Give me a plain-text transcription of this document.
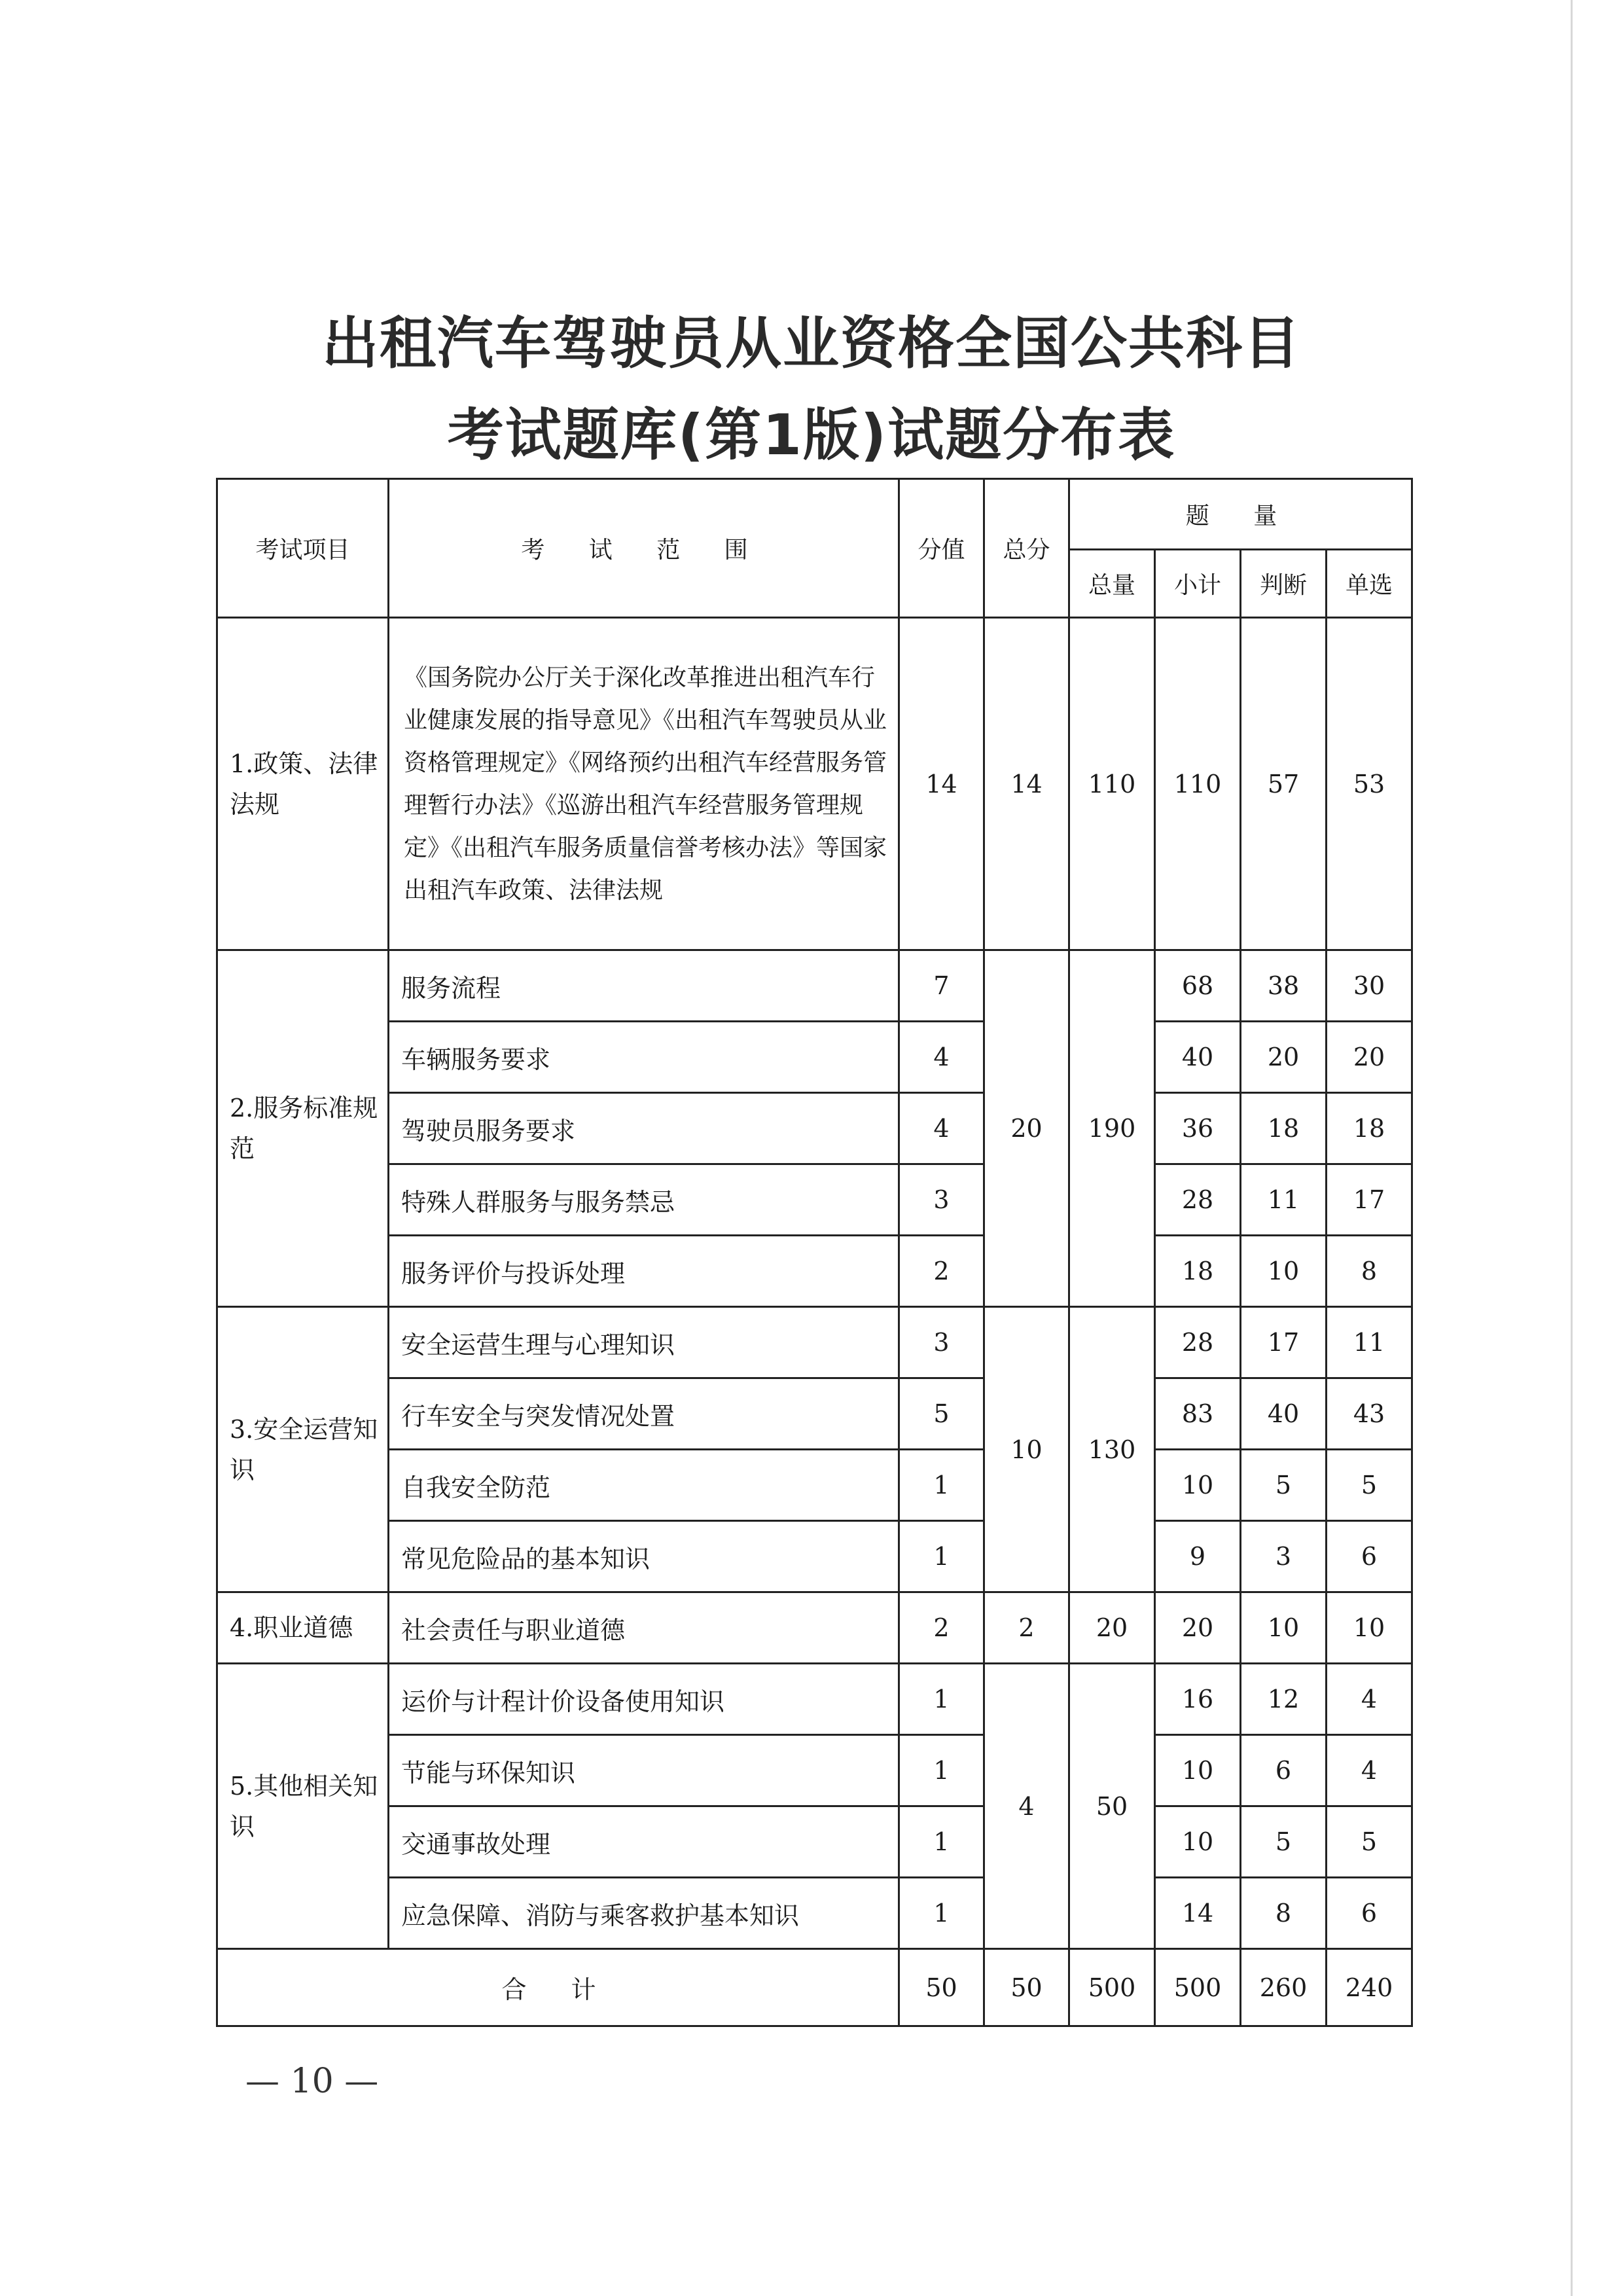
出租汽车驾驶员从业资格全国公共科目
考试题库(第1版)试题分布表
考试项目	考 试 范 围	分值	总分	题 量			
				总量	小计	判断	单选
1.政策、法律法规	《国务院办公厅关于深化改革推进出租汽车行业健康发展的指导意见》《出租汽车驾驶员从业资格管理规定》《网络预约出租汽车经营服务管理暂行办法》《巡游出租汽车经营服务管理规定》《出租汽车服务质量信誉考核办法》等国家出租汽车政策、法律法规	14	14	110	110	57	53
2.服务标准规范	服务流程	7	20	190	68	38	30
	车辆服务要求	4			40	20	20
	驾驶员服务要求	4			36	18	18
	特殊人群服务与服务禁忌	3			28	11	17
	服务评价与投诉处理	2			18	10	8
3.安全运营知识	安全运营生理与心理知识	3	10	130	28	17	11
	行车安全与突发情况处置	5			83	40	43
	自我安全防范	1			10	5	5
	常见危险品的基本知识	1			9	3	6
4.职业道德	社会责任与职业道德	2	2	20	20	10	10
5.其他相关知识	运价与计程计价设备使用知识	1	4	50	16	12	4
	节能与环保知识	1			10	6	4
	交通事故处理	1			10	5	5
	应急保障、消防与乘客救护基本知识	1			14	8	6
合 计		50	50	500	500	260	240
— 10 —
